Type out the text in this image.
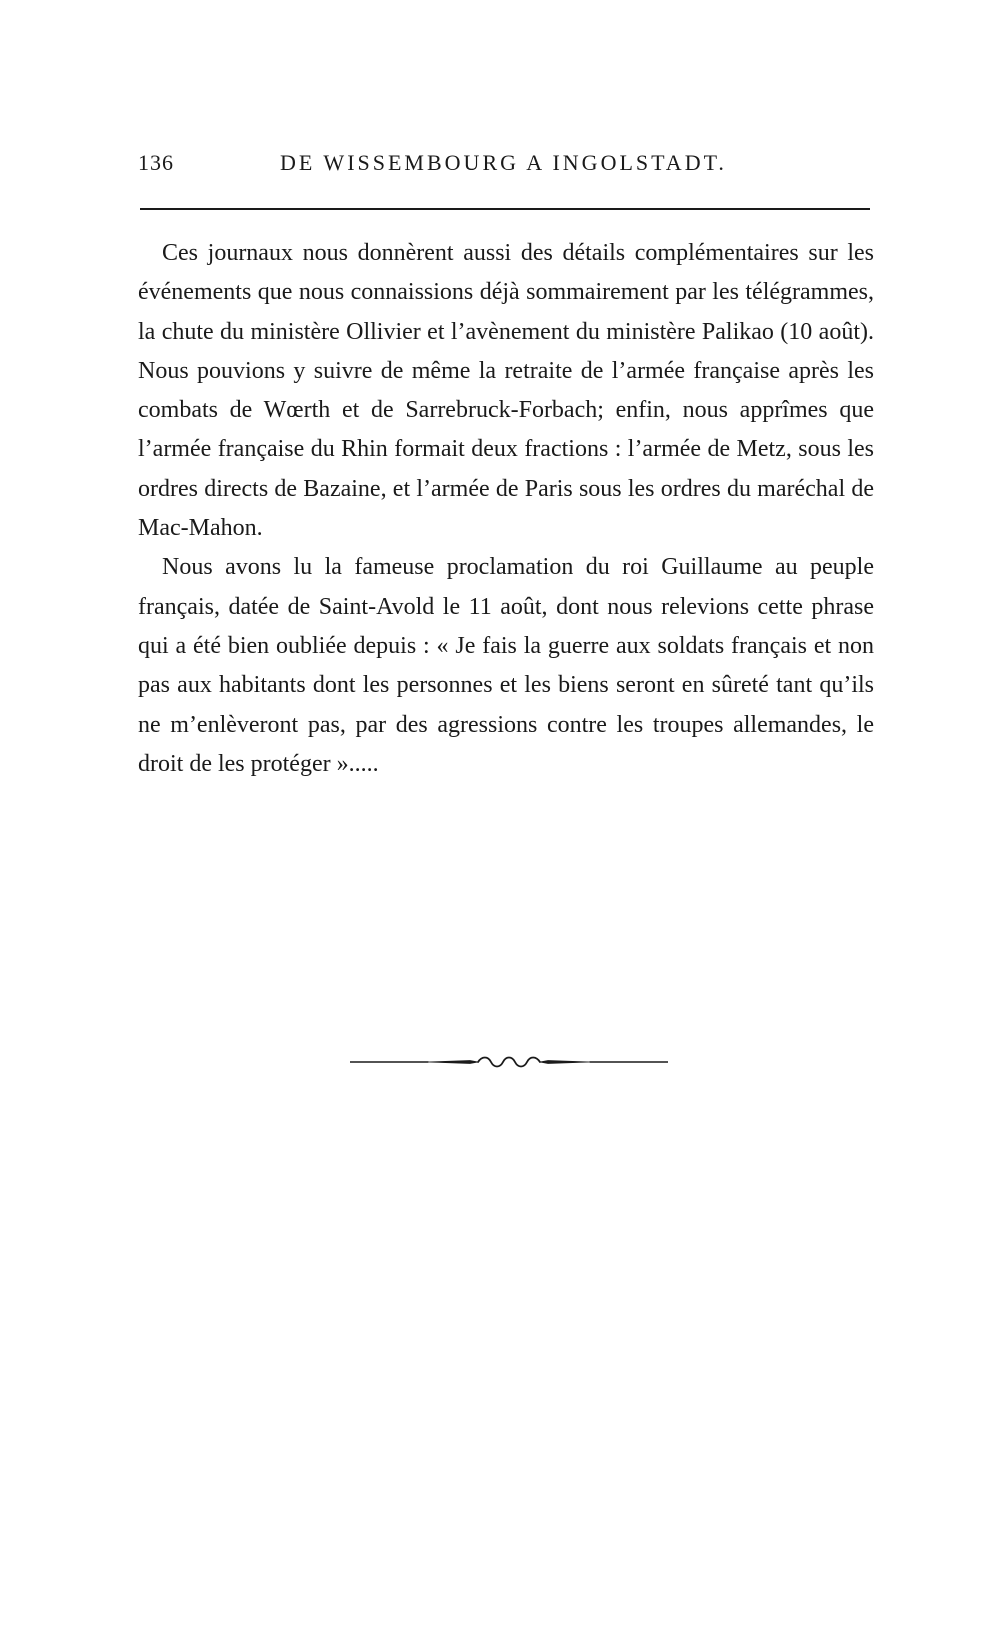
136	DE WISSEMBOURG A INGOLSTADT.

Ces journaux nous donnèrent aussi des détails complémentaires sur les événements que nous connaissions déjà sommairement par les télégrammes, la chute du ministère Ollivier et l’avènement du ministère Palikao (10 août). Nous pouvions y suivre de même la retraite de l’armée française après les combats de Wœrth et de Sarrebruck-Forbach; enfin, nous apprîmes que l’armée française du Rhin formait deux fractions : l’armée de Metz, sous les ordres directs de Bazaine, et l’armée de Paris sous les ordres du maréchal de Mac-Mahon.

Nous avons lu la fameuse proclamation du roi Guillaume au peuple français, datée de Saint-Avold le 11 août, dont nous relevions cette phrase qui a été bien oubliée depuis : « Je fais la guerre aux soldats français et non pas aux habitants dont les personnes et les biens seront en sûreté tant qu’ils ne m’enlèveront pas, par des agressions contre les troupes allemandes, le droit de les protéger ».....
